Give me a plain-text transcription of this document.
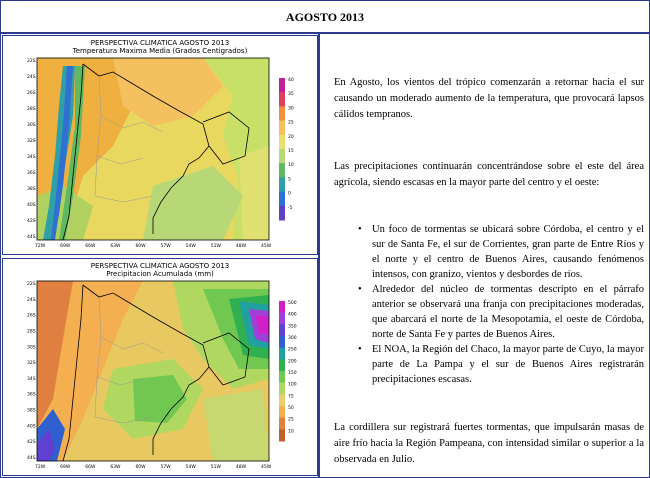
AGOSTO 2013
PERSPECTIVA CLIMATICA AGOSTO 2013
Temperatura Maxima Media (Grados Centigrados)
22S
24S
26S
28S
30S
32S
34S
36S
38S
40S
42S
44S
72W	69W	66W	63W	60W	57W	54W	51W	48W	45W
40
35
30
25
20
15
10
5
0
-5
PERSPECTIVA CLIMATICA AGOSTO 2013
Precipitacion Acumulada (mm)
22S
24S
26S
28S
30S
32S
34S
36S
38S
40S
42S
44S
72W	69W	66W	63W	60W	57W	54W	51W	48W	45W
500
400
350
300
250
200
150
100
75
50
25
10

En Agosto, los vientos del trópico comenzarán a retornar hacia el sur causando un moderado aumento de la temperatura, que provocará lapsos cálidos tempranos.

Las precipitaciones continuarán concentrándose sobre el este del área agrícola, siendo escasas en la mayor parte del centro y el oeste:

• Un foco de tormentas se ubicará sobre Córdoba, el centro y el sur de Santa Fe, el sur de Corrientes, gran parte de Entre Ríos y el norte y el centro de Buenos Aires, causando fenómenos intensos, con granizo, vientos y desbordes de ríos.
• Alrededor del núcleo de tormentas descripto en el párrafo anterior se observará una franja con precipitaciones moderadas, que abarcará el norte de la Mesopotamia, el oeste de Córdoba, norte de Santa Fe y partes de Buenos Aires.
• El NOA, la Región del Chaco, la mayor parte de Cuyo, la mayor parte de La Pampa y el sur de Buenos Aires registrarán precipitaciones escasas.

La cordillera sur registrará fuertes tormentas, que impulsarán masas de aire frío hacia la Región Pampeana, con intensidad similar o superior a la observada en Julio.
